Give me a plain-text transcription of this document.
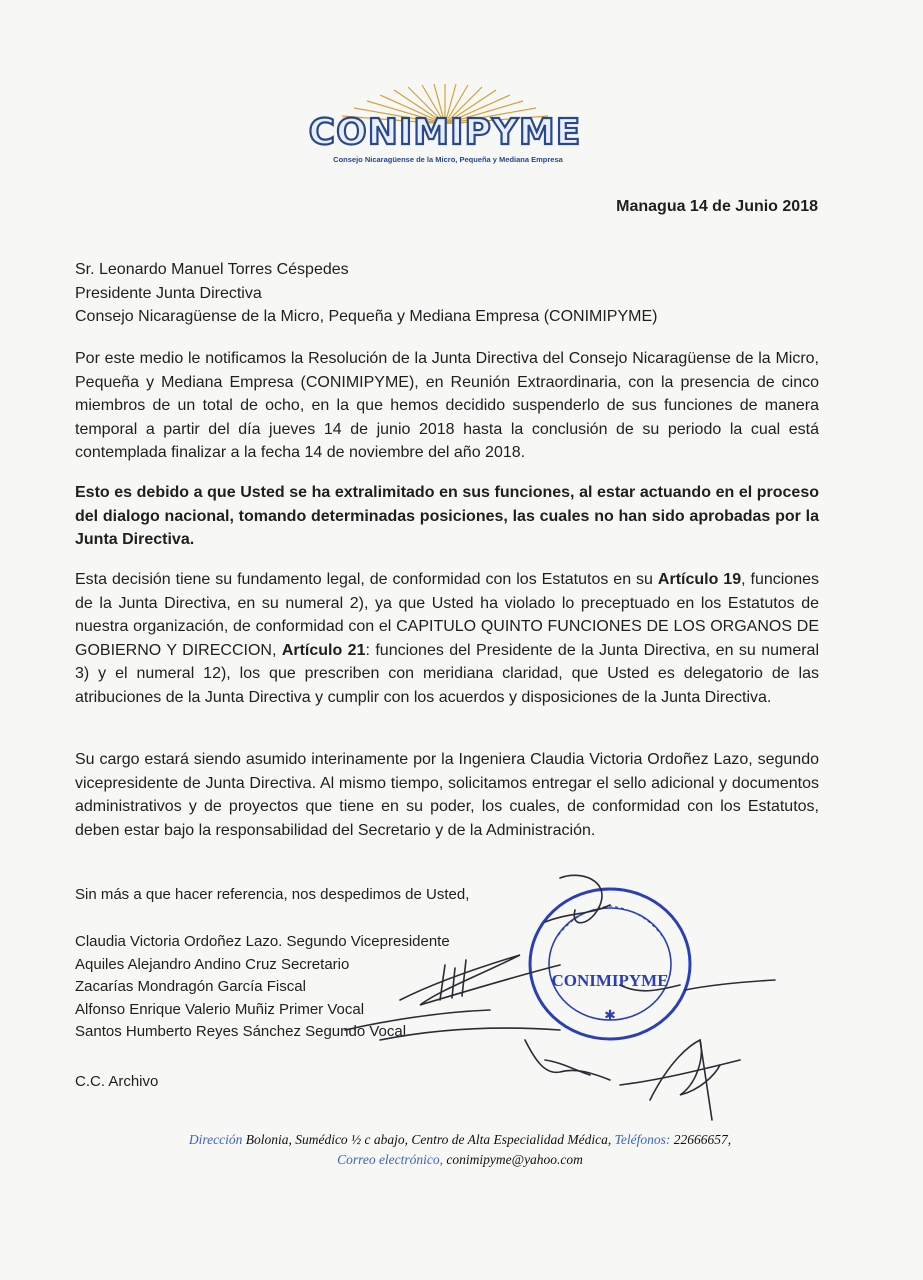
CONIMIPYME
Consejo Nicaragüense de la Micro, Pequeña y Mediana Empresa
Managua 14 de Junio 2018
Sr. Leonardo Manuel Torres Céspedes
Presidente Junta Directiva
Consejo Nicaragüense de la Micro, Pequeña y Mediana Empresa (CONIMIPYME)

Por este medio le notificamos la Resolución de la Junta Directiva del Consejo Nicaragüense de la Micro, Pequeña y Mediana Empresa (CONIMIPYME), en Reunión Extraordinaria, con la presencia de cinco miembros de un total de ocho, en la que hemos decidido suspenderlo de sus funciones de manera temporal a partir del día jueves 14 de junio 2018 hasta la conclusión de su periodo la cual está contemplada finalizar a la fecha 14 de noviembre del año 2018.

Esto es debido a que Usted se ha extralimitado en sus funciones, al estar actuando en el proceso del dialogo nacional, tomando determinadas posiciones, las cuales no han sido aprobadas por la Junta Directiva.

Esta decisión tiene su fundamento legal, de conformidad con los Estatutos en su Artículo 19, funciones de la Junta Directiva, en su numeral 2), ya que Usted ha violado lo preceptuado en los Estatutos de nuestra organización, de conformidad con el CAPITULO QUINTO FUNCIONES DE LOS ORGANOS DE GOBIERNO Y DIRECCION, Artículo 21: funciones del Presidente de la Junta Directiva, en su numeral 3) y el numeral 12), los que prescriben con meridiana claridad, que Usted es delegatorio de las atribuciones de la Junta Directiva y cumplir con los acuerdos y disposiciones de la Junta Directiva.

Su cargo estará siendo asumido interinamente por la Ingeniera Claudia Victoria Ordoñez Lazo, segundo vicepresidente de Junta Directiva. Al mismo tiempo, solicitamos entregar el sello adicional y documentos administrativos y de proyectos que tiene en su poder, los cuales, de conformidad con los Estatutos, deben estar bajo la responsabilidad del Secretario y de la Administración.

Sin más a que hacer referencia, nos despedimos de Usted,
Claudia Victoria Ordoñez Lazo. Segundo Vicepresidente
Aquiles Alejandro Andino Cruz Secretario
Zacarías Mondragón García Fiscal
Alfonso Enrique Valerio Muñiz Primer Vocal
Santos Humberto Reyes Sánchez Segundo Vocal
CONIMIPYME
✱
C.C. Archivo
Dirección Bolonia, Sumédico ½ c abajo, Centro de Alta Especialidad Médica, Teléfonos: 22666657,
Correo electrónico, conimipyme@yahoo.com
